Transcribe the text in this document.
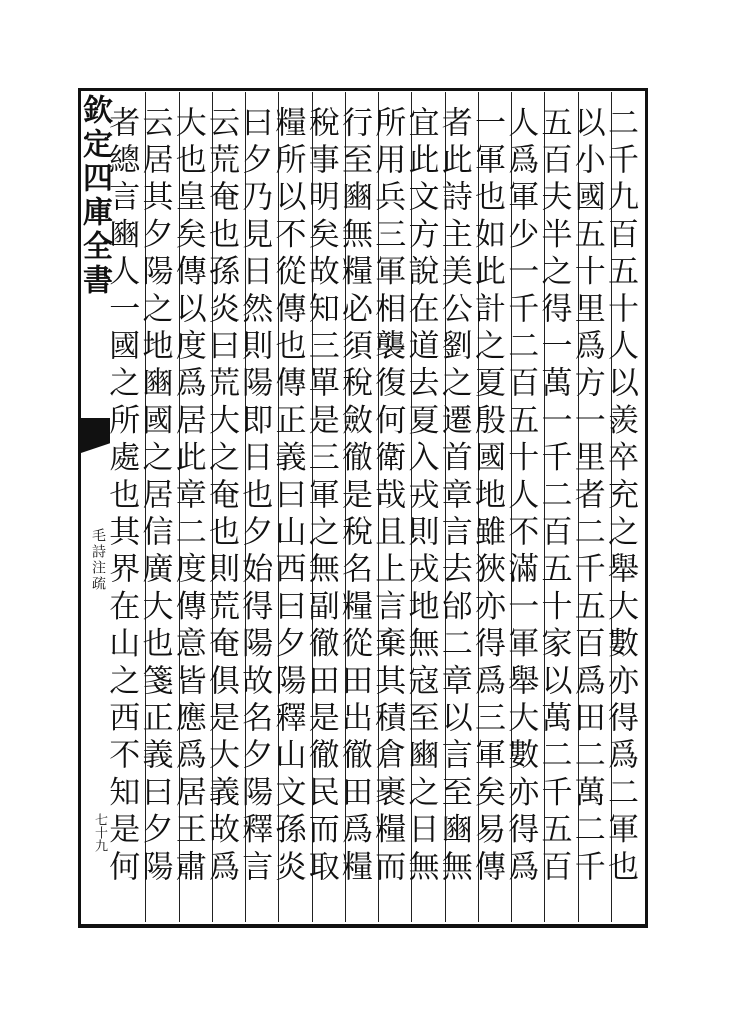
欽定四庫全書
毛詩注疏
七十九	二千九百五十人以羨卒充之舉大數亦得爲二軍也
以小國五十里爲方一里者二千五百爲田二萬二千
五百夫半之得一萬一千二百五十家以萬二千五百
人爲軍少一千二百五十人不滿一軍舉大數亦得爲
一軍也如此計之夏殷國地雖狹亦得爲三軍矣易傳
者此詩主美公劉之遷首章言去邰二章以言至豳無
宜此文方說在道去夏入戎則戎地無寇至豳之日無
所用兵三軍相襲復何衛哉且上言棄其積倉裹糧而
行至豳無糧必須稅斂徹是稅名糧從田出徹田爲糧
稅事明矣故知三單是三軍之無副徹田是徹民而取
糧所以不從傳也傳正義曰山西曰夕陽釋山文孫炎
曰夕乃見日然則陽即日也夕始得陽故名夕陽釋言
云荒奄也孫炎曰荒大之奄也則荒奄俱是大義故爲
大也皇矣傳以度爲居此章二度傳意皆應爲居王肅
云居其夕陽之地豳國之居信廣大也箋正義曰夕陽
者總言豳人一國之所處也其界在山之西不知是何
